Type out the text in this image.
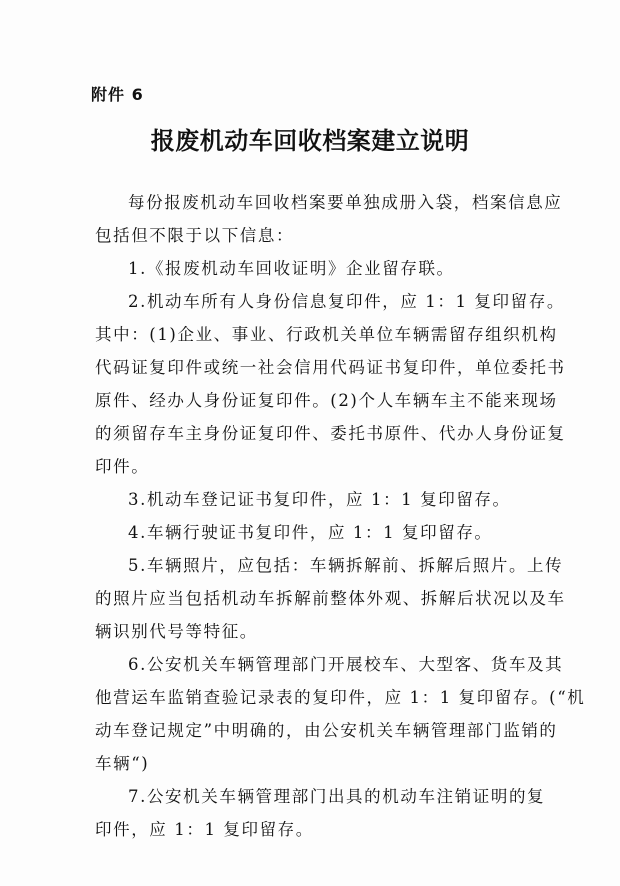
附件 6
报废机动车回收档案建立说明
每份报废机动车回收档案要单独成册入袋，档案信息应
包括但不限于以下信息：
1.《报废机动车回收证明》企业留存联。
2.机动车所有人身份信息复印件，应 1：1 复印留存。
其中：(1)企业、事业、行政机关单位车辆需留存组织机构
代码证复印件或统一社会信用代码证书复印件，单位委托书
原件、经办人身份证复印件。(2)个人车辆车主不能来现场
的须留存车主身份证复印件、委托书原件、代办人身份证复
印件。
3.机动车登记证书复印件，应 1：1 复印留存。
4.车辆行驶证书复印件，应 1：1 复印留存。
5.车辆照片，应包括：车辆拆解前、拆解后照片。上传
的照片应当包括机动车拆解前整体外观、拆解后状况以及车
辆识别代号等特征。
6.公安机关车辆管理部门开展校车、大型客、货车及其
他营运车监销查验记录表的复印件，应 1：1 复印留存。(“机
动车登记规定”中明确的，由公安机关车辆管理部门监销的
车辆“)
7.公安机关车辆管理部门出具的机动车注销证明的复
印件，应 1：1 复印留存。
